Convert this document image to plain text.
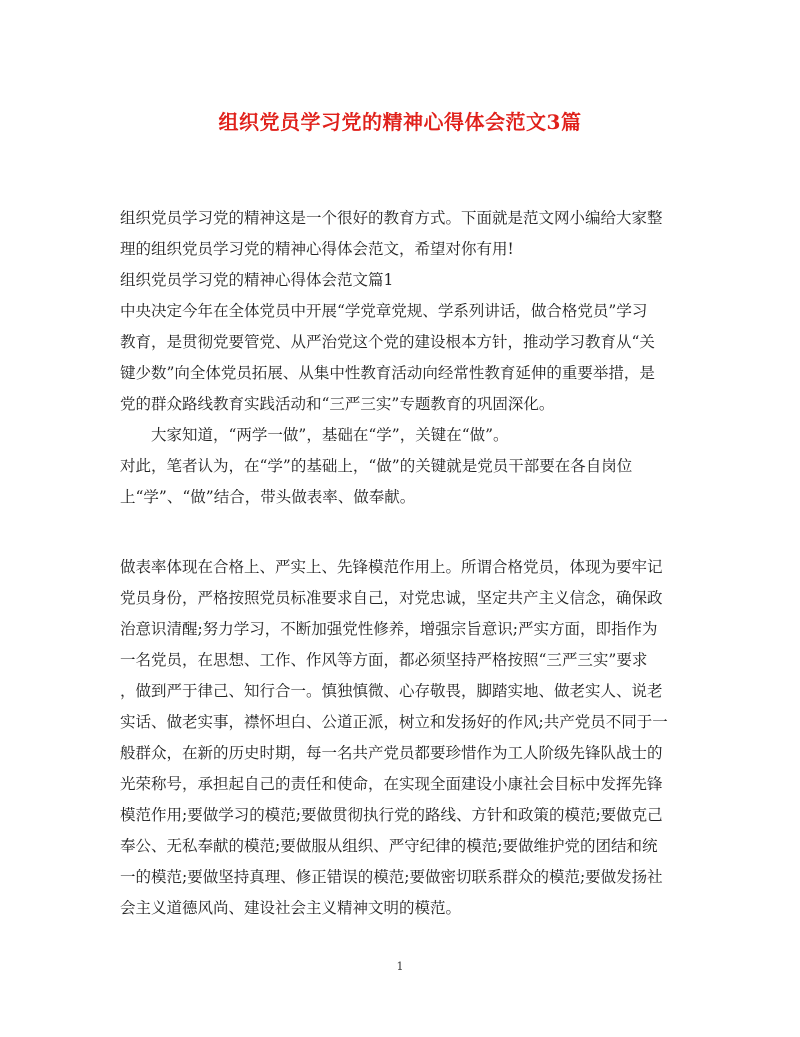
组织党员学习党的精神心得体会范文3篇
组织党员学习党的精神这是一个很好的教育方式。下面就是范文网小编给大家整
理的组织党员学习党的精神心得体会范文，希望对你有用!
组织党员学习党的精神心得体会范文篇1
中央决定今年在全体党员中开展“学党章党规、学系列讲话，做合格党员”学习
教育，是贯彻党要管党、从严治党这个党的建设根本方针，推动学习教育从“关
键少数”向全体党员拓展、从集中性教育活动向经常性教育延伸的重要举措，是
党的群众路线教育实践活动和“三严三实”专题教育的巩固深化。
　　大家知道，“两学一做”，基础在“学”，关键在“做”。
对此，笔者认为，在“学”的基础上，“做”的关键就是党员干部要在各自岗位
上“学”、“做”结合，带头做表率、做奉献。
做表率体现在合格上、严实上、先锋模范作用上。所谓合格党员，体现为要牢记
党员身份，严格按照党员标准要求自己，对党忠诚，坚定共产主义信念，确保政
治意识清醒;努力学习，不断加强党性修养，增强宗旨意识;严实方面，即指作为
一名党员，在思想、工作、作风等方面，都必须坚持严格按照“三严三实”要求
，做到严于律己、知行合一。慎独慎微、心存敬畏，脚踏实地、做老实人、说老
实话、做老实事，襟怀坦白、公道正派，树立和发扬好的作风;共产党员不同于一
般群众，在新的历史时期，每一名共产党员都要珍惜作为工人阶级先锋队战士的
光荣称号，承担起自己的责任和使命，在实现全面建设小康社会目标中发挥先锋
模范作用;要做学习的模范;要做贯彻执行党的路线、方针和政策的模范;要做克己
奉公、无私奉献的模范;要做服从组织、严守纪律的模范;要做维护党的团结和统
一的模范;要做坚持真理、修正错误的模范;要做密切联系群众的模范;要做发扬社
会主义道德风尚、建设社会主义精神文明的模范。
1
